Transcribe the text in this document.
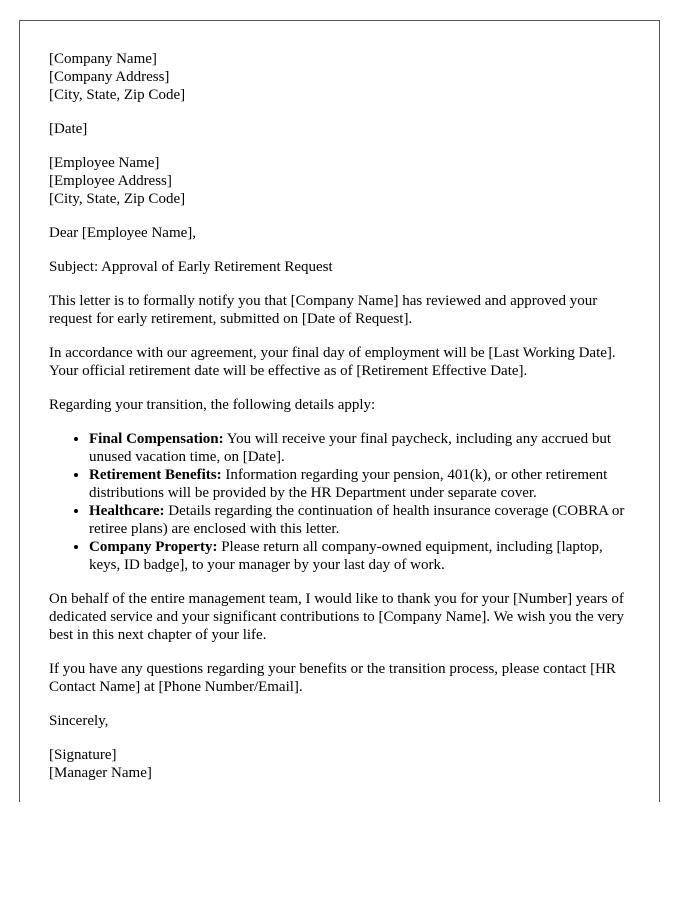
[Company Name]
[Company Address]
[City, State, Zip Code]
[Date]
[Employee Name]
[Employee Address]
[City, State, Zip Code]

Dear [Employee Name],

Subject: Approval of Early Retirement Request

This letter is to formally notify you that [Company Name] has reviewed and approved your request for early retirement, submitted on [Date of Request].

In accordance with our agreement, your final day of employment will be [Last Working Date]. Your official retirement date will be effective as of [Retirement Effective Date].

Regarding your transition, the following details apply:

• Final Compensation: You will receive your final paycheck, including any accrued but unused vacation time, on [Date].
• Retirement Benefits: Information regarding your pension, 401(k), or other retirement distributions will be provided by the HR Department under separate cover.
• Healthcare: Details regarding the continuation of health insurance coverage (COBRA or retiree plans) are enclosed with this letter.
• Company Property: Please return all company-owned equipment, including [laptop, keys, ID badge], to your manager by your last day of work.

On behalf of the entire management team, I would like to thank you for your [Number] years of dedicated service and your significant contributions to [Company Name]. We wish you the very best in this next chapter of your life.

If you have any questions regarding your benefits or the transition process, please contact [HR Contact Name] at [Phone Number/Email].

Sincerely,

[Signature]
[Manager Name]
